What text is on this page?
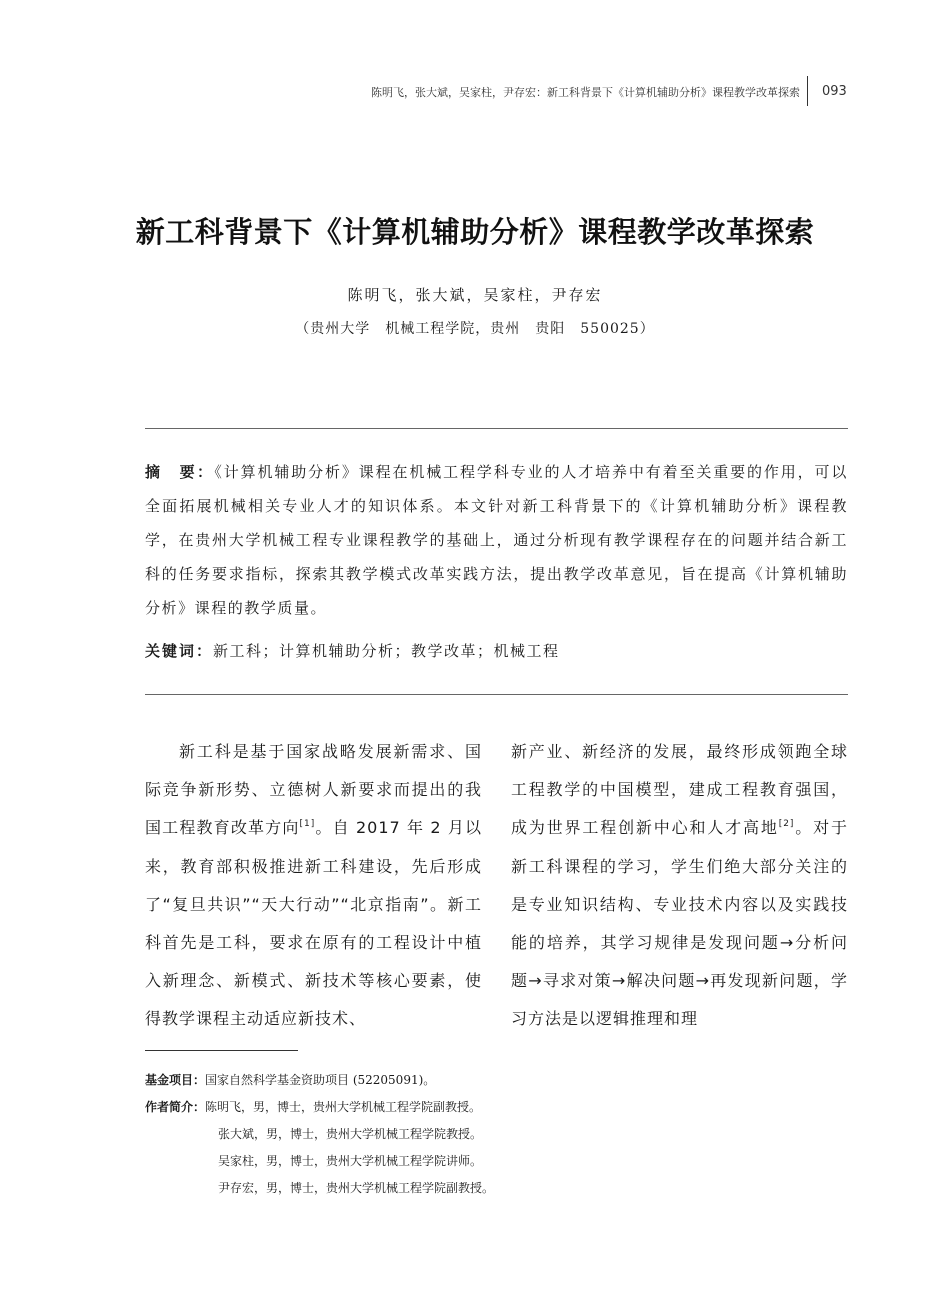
陈明飞，张大斌，吴家柱，尹存宏：新工科背景下《计算机辅助分析》课程教学改革探索 093
新工科背景下《计算机辅助分析》课程教学改革探索
陈明飞，张大斌，吴家柱，尹存宏
（贵州大学　机械工程学院，贵州　贵阳　550025）
摘　要：《计算机辅助分析》课程在机械工程学科专业的人才培养中有着至关重要的作用，可以全面拓展机械相关专业人才的知识体系。本文针对新工科背景下的《计算机辅助分析》课程教学，在贵州大学机械工程专业课程教学的基础上，通过分析现有教学课程存在的问题并结合新工科的任务要求指标，探索其教学模式改革实践方法，提出教学改革意见，旨在提高《计算机辅助分析》课程的教学质量。
关键词：新工科；计算机辅助分析；教学改革；机械工程

新工科是基于国家战略发展新需求、国际竞争新形势、立德树人新要求而提出的我国工程教育改革方向[1]。自 2017 年 2 月以来，教育部积极推进新工科建设，先后形成了“复旦共识”“天大行动”“北京指南”。新工科首先是工科，要求在原有的工程设计中植入新理念、新模式、新技术等核心要素，使得教学课程主动适应新技术、

新产业、新经济的发展，最终形成领跑全球工程教学的中国模型，建成工程教育强国，成为世界工程创新中心和人才高地[2]。对于新工科课程的学习，学生们绝大部分关注的是专业知识结构、专业技术内容以及实践技能的培养，其学习规律是发现问题→分析问题→寻求对策→解决问题→再发现新问题，学习方法是以逻辑推理和理

基金项目：国家自然科学基金资助项目 (52205091)。
作者简介：陈明飞，男，博士，贵州大学机械工程学院副教授。
张大斌，男，博士，贵州大学机械工程学院教授。
吴家柱，男，博士，贵州大学机械工程学院讲师。
尹存宏，男，博士，贵州大学机械工程学院副教授。
